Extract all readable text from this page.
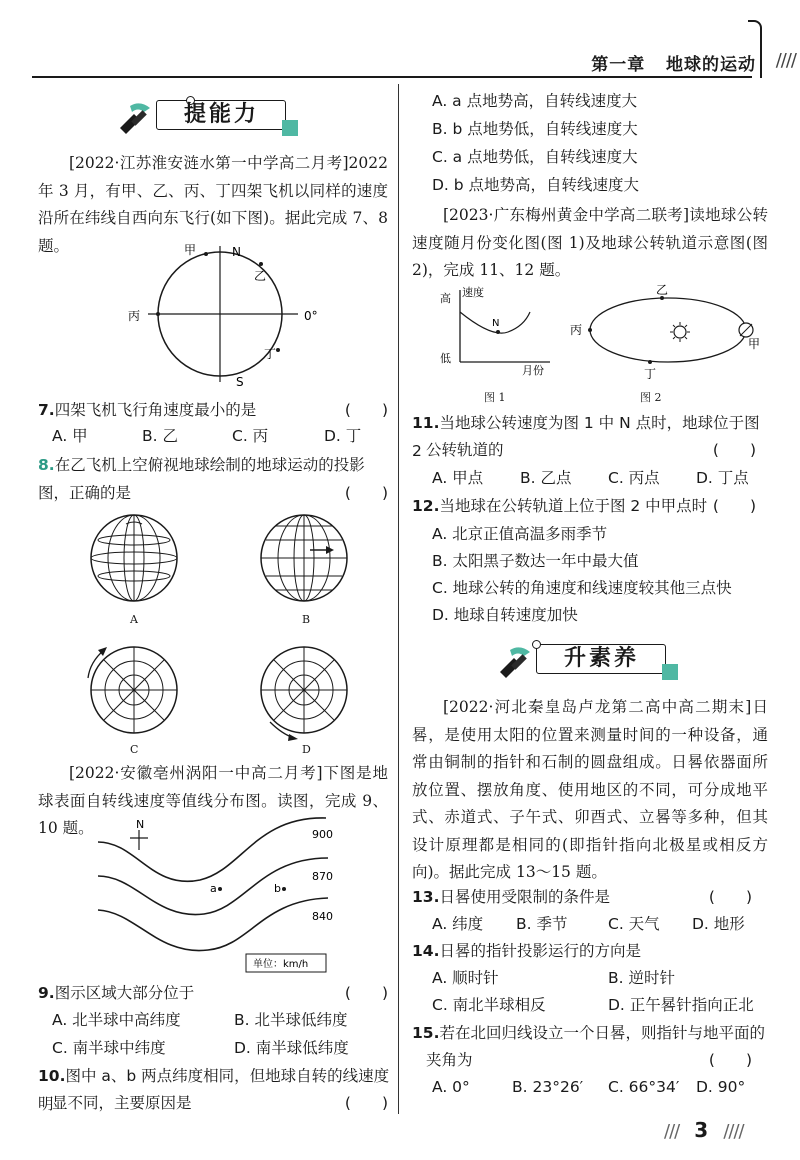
第一章 地球的运动 ////
提能力
[2022·江苏淮安涟水第一中学高二月考]2022 年 3 月，有甲、乙、丙、丁四架飞机以同样的速度沿所在纬线自西向东飞行(如下图)。据此完成 7、8 题。	甲	N
乙
丙	0°
丁
S
7.四架飞机飞行角速度最小的是	(　　)
A. 甲	B. 乙	C. 丙	D. 丁
8.在乙飞机上空俯视地球绘制的地球运动的投影图，正确的是	(　　)
A	B
C	D
[2022·安徽亳州涡阳一中高二月考]下图是地球表面自转线速度等值线分布图。读图，完成 9、10 题。	N
900
870
840
a	b
单位：km/h
9.图示区域大部分位于	(　　)
A. 北半球中高纬度	B. 北半球低纬度
C. 南半球中纬度	D. 南半球低纬度
10.图中 a、b 两点纬度相同，但地球自转的线速度明
显不同，主要原因是	(　　)
A. a 点地势高，自转线速度大
B. b 点地势低，自转线速度大
C. a 点地势低，自转线速度大
D. b 点地势高，自转线速度大
[2023·广东梅州黄金中学高二联考]读地球公转速度随月份变化图(图 1)及地球公转轨道示意图(图 2)，完成 11、12 题。
高 速度
低
N
月份
图 1
乙
丙
甲
丁
图 2
11.当地球公转速度为图 1 中 N 点时，地球位于图 2 公转轨道的	(　　)
A. 甲点 B. 乙点 C. 丙点 D. 丁点
12.当地球在公转轨道上位于图 2 中甲点时 (　　)
A. 北京正值高温多雨季节
B. 太阳黑子数达一年中最大值
C. 地球公转的角速度和线速度较其他三点快
D. 地球自转速度加快
升素养
[2022·河北秦皇岛卢龙第二高中高二期末]日晷，是使用太阳的位置来测量时间的一种设备，通常由铜制的指针和石制的圆盘组成。日晷依器面所放位置、摆放角度、使用地区的不同，可分成地平式、赤道式、子午式、卯酉式、立晷等多种，但其设计原理都是相同的(即指针指向北极星或相反方向)。据此完成 13～15 题。
13.日晷使用受限制的条件是	(　　)
A. 纬度 B. 季节	C. 天气 D. 地形
14.日晷的指针投影运行的方向是
A. 顺时针	B. 逆时针
C. 南北半球相反	D. 正午晷针指向正北
15.若在北回归线设立一个日晷，则指针与地平面的
夹角为	(　　)
A. 0°	B. 23°26′ C. 66°34′ D. 90°
/// 3 ////
